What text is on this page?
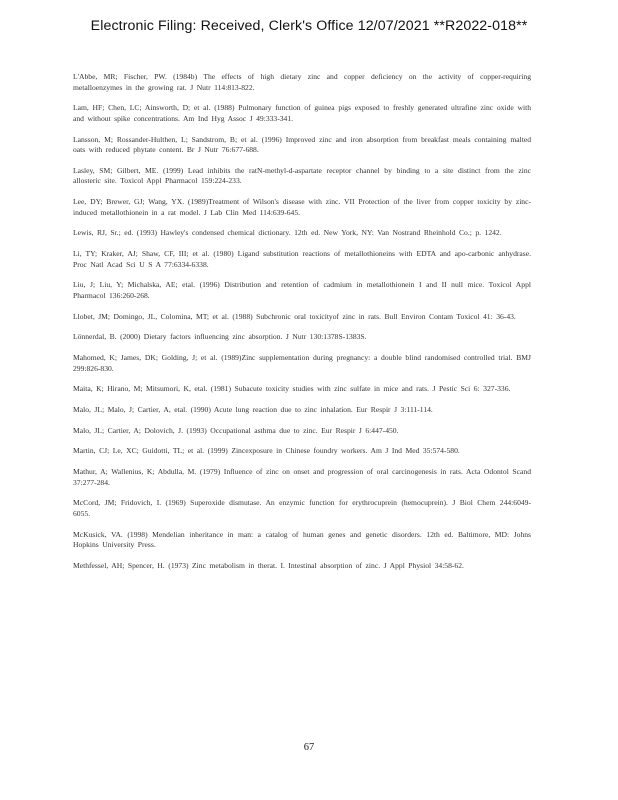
Electronic Filing: Received, Clerk's Office 12/07/2021 **R2022-018**

L'Abbe, MR; Fischer, PW. (1984b) The effects of high dietary zinc and copper deficiency on the activity of copper-requiring metalloenzymes in the growing rat. J Nutr 114:813-822.

Lam, HF; Chen, LC; Ainsworth, D; et al. (1988) Pulmonary function of guinea pigs exposed to freshly generated ultrafine zinc oxide with and without spike concentrations. Am Ind Hyg Assoc J 49:333-341.

Lansson, M; Rossander-Hulthen, L; Sandstrom, B; et al. (1996) Improved zinc and iron absorption from breakfast meals containing malted oats with reduced phytate content. Br J Nutr 76:677-688.

Lasley, SM; Gilbert, ME. (1999) Lead inhibits the ratN-methyl-d-aspartate receptor channel by binding to a site distinct from the zinc allosteric site. Toxicol Appl Pharmacol 159:224-233.

Lee, DY; Brewer, GJ; Wang, YX. (1989)Treatment of Wilson's disease with zinc. VII Protection of the liver from copper toxicity by zinc-induced metallothionein in a rat model. J Lab Clin Med 114:639-645.

Lewis, RJ, Sr.; ed. (1993) Hawley's condensed chemical dictionary. 12th ed. New York, NY: Van Nostrand Rheinhold Co.; p. 1242.

Li, TY; Kraker, AJ; Shaw, CF, III; et al. (1980) Ligand substitution reactions of metallothioneins with EDTA and apo-carbonic anhydrase. Proc Natl Acad Sci U S A 77:6334-6338.

Liu, J; Liu, Y; Michalska, AE; etal. (1996) Distribution and retention of cadmium in metallothionein I and II null mice. Toxicol Appl Pharmacol 136:260-268.

Llobet, JM; Domingo, JL, Colomina, MT; et al. (1988) Subchronic oral toxicityof zinc in rats. Bull Environ Contam Toxicol 41: 36-43.

Lönnerdal, B. (2000) Dietary factors influencing zinc absorption. J Nutr 130:1378S-1383S.

Mahomed, K; James, DK; Golding, J; et al. (1989)Zinc supplementation during pregnancy: a double blind randomised controlled trial. BMJ 299:826-830.

Maita, K; Hirano, M; Mitsumori, K, etal. (1981) Subacute toxicity studies with zinc sulfate in mice and rats. J Pestic Sci 6: 327-336.

Malo, JL; Malo, J; Cartier, A, etal. (1990) Acute lung reaction due to zinc inhalation. Eur Respir J 3:111-114.

Malo, JL; Cartier, A; Dolovich, J. (1993) Occupational asthma due to zinc. Eur Respir J 6:447-450.

Martin, CJ; Le, XC; Guidotti, TL; et al. (1999) Zincexposure in Chinese foundry workers. Am J Ind Med 35:574-580.

Mathur, A; Wallenius, K; Abdulla, M. (1979) Influence of zinc on onset and progression of oral carcinogenesis in rats. Acta Odontol Scand 37:277-284.

McCord, JM; Fridovich, I. (1969) Superoxide dismutase. An enzymic function for erythrocuprein (hemocuprein). J Biol Chem 244:6049-6055.

McKusick, VA. (1998) Mendelian inheritance in man: a catalog of human genes and genetic disorders. 12th ed. Baltimore, MD: Johns Hopkins University Press.

Methfessel, AH; Spencer, H. (1973) Zinc metabolism in therat. I. Intestinal absorption of zinc. J Appl Physiol 34:58-62.

67
